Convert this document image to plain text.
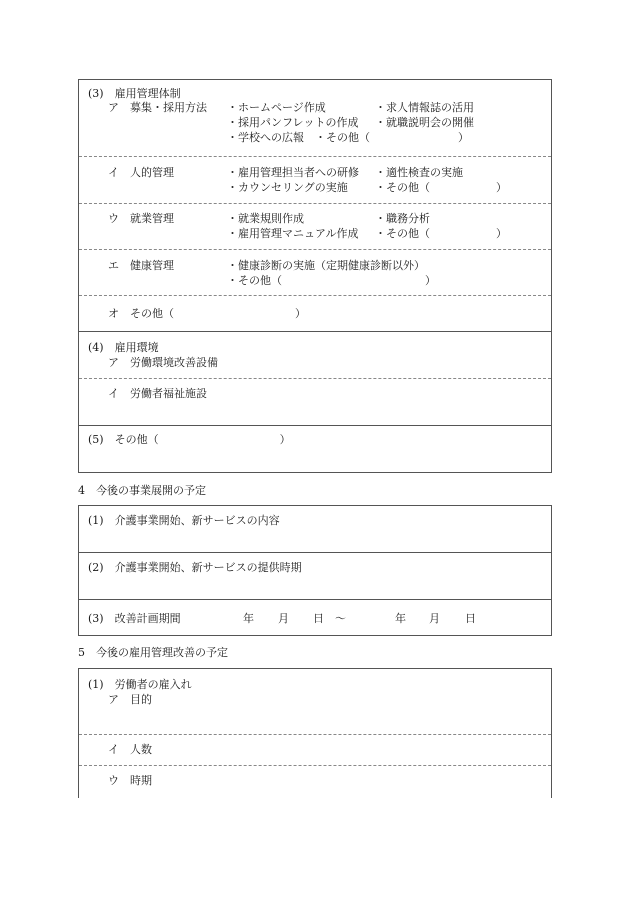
(3)　雇用管理体制
ア　募集・採用方法 ・ホームページ作成	・求人情報誌の活用
・採用パンフレットの作成 ・就職説明会の開催
・学校への広報　・その他（　　　　　　　　）
イ　人的管理	・雇用管理担当者への研修 ・適性検査の実施
・カウンセリングの実施 ・その他（　　　　　　）
ウ　就業管理	・就業規則作成	・職務分析
・雇用管理マニュアル作成 ・その他（　　　　　　）
エ　健康管理	・健康診断の実施（定期健康診断以外）
・その他（　　　　　　　　　　　　　）
オ　その他（　　　　　　　　　　　）
(4)　雇用環境
ア　労働環境改善設備
イ　労働者福祉施設
(5)　その他（　　　　　　　　　　　）
4　今後の事業展開の予定
(1)　介護事業開始、新サービスの内容
(2)　介護事業開始、新サービスの提供時期
(3)　改善計画期間	年 月 日 ～	年 月 日
5　今後の雇用管理改善の予定
(1)　労働者の雇入れ
ア　目的
イ　人数
ウ　時期
